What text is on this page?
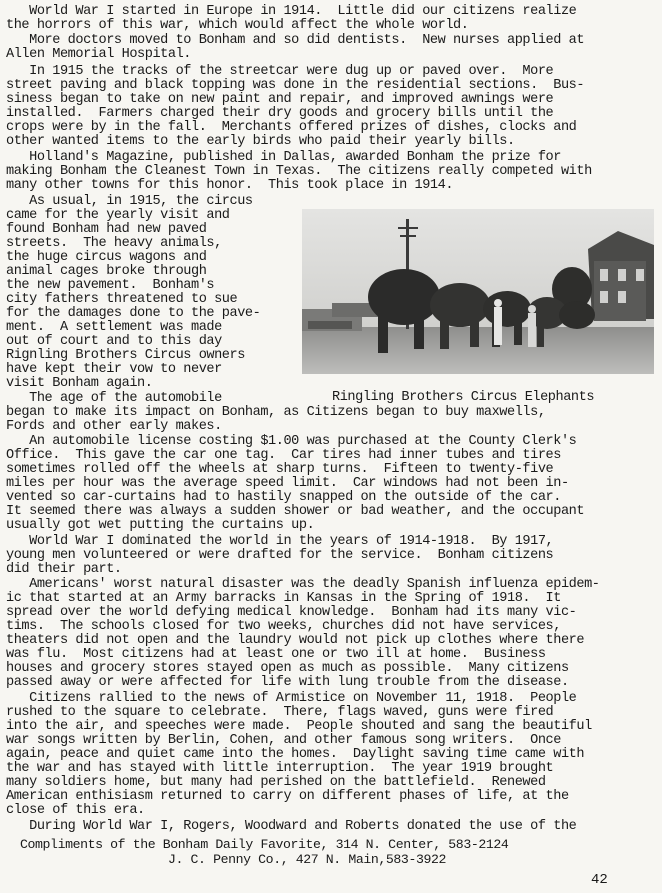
World War I started in Europe in 1914.  Little did our citizens realize
the horrors of this war, which would affect the whole world.
More doctors moved to Bonham and so did dentists.  New nurses applied at
Allen Memorial Hospital.
In 1915 the tracks of the streetcar were dug up or paved over.  More
street paving and black topping was done in the residential sections.  Bus-
siness began to take on new paint and repair, and improved awnings were
installed.  Farmers charged their dry goods and grocery bills until the
crops were by in the fall.  Merchants offered prizes of dishes, clocks and
other wanted items to the early birds who paid their yearly bills.
Holland's Magazine, published in Dallas, awarded Bonham the prize for
making Bonham the Cleanest Town in Texas.  The citizens really competed with
many other towns for this honor.  This took place in 1914.
As usual, in 1915, the circus
came for the yearly visit and
found Bonham had new paved
streets.  The heavy animals,
the huge circus wagons and
animal cages broke through
the new pavement.  Bonham's
city fathers threatened to sue
for the damages done to the pave-
ment.  A settlement was made
out of court and to this day
Rignling Brothers Circus owners
have kept their vow to never
visit Bonham again.
The age of the automobile
began to make its impact on Bonham, as Citizens began to buy maxwells,
Fords and other early makes.
An automobile license costing $1.00 was purchased at the County Clerk's
Office.  This gave the car one tag.  Car tires had inner tubes and tires
sometimes rolled off the wheels at sharp turns.  Fifteen to twenty-five
miles per hour was the average speed limit.  Car windows had not been in-
vented so car-curtains had to hastily snapped on the outside of the car.
It seemed there was always a sudden shower or bad weather, and the occupant
usually got wet putting the curtains up.
World War I dominated the world in the years of 1914-1918.  By 1917,
young men volunteered or were drafted for the service.  Bonham citizens
did their part.
Americans' worst natural disaster was the deadly Spanish influenza epidem-
ic that started at an Army barracks in Kansas in the Spring of 1918.  It
spread over the world defying medical knowledge.  Bonham had its many vic-
tims.  The schools closed for two weeks, churches did not have services,
theaters did not open and the laundry would not pick up clothes where there
was flu.  Most citizens had at least one or two ill at home.  Business
houses and grocery stores stayed open as much as possible.  Many citizens
passed away or were affected for life with lung trouble from the disease.
Citizens rallied to the news of Armistice on November 11, 1918.  People
rushed to the square to celebrate.  There, flags waved, guns were fired
into the air, and speeches were made.  People shouted and sang the beautiful
war songs written by Berlin, Cohen, and other famous song writers.  Once
again, peace and quiet came into the homes.  Daylight saving time came with
the war and has stayed with little interruption.  The year 1919 brought
many soldiers home, but many had perished on the battlefield.  Renewed
American enthisiasm returned to carry on different phases of life, at the
close of this era.
During World War I, Rogers, Woodward and Roberts donated the use of the
Ringling Brothers Circus Elephants
Compliments of the Bonham Daily Favorite, 314 N. Center, 583-2124
J. C. Penny Co., 427 N. Main,583-3922
42
